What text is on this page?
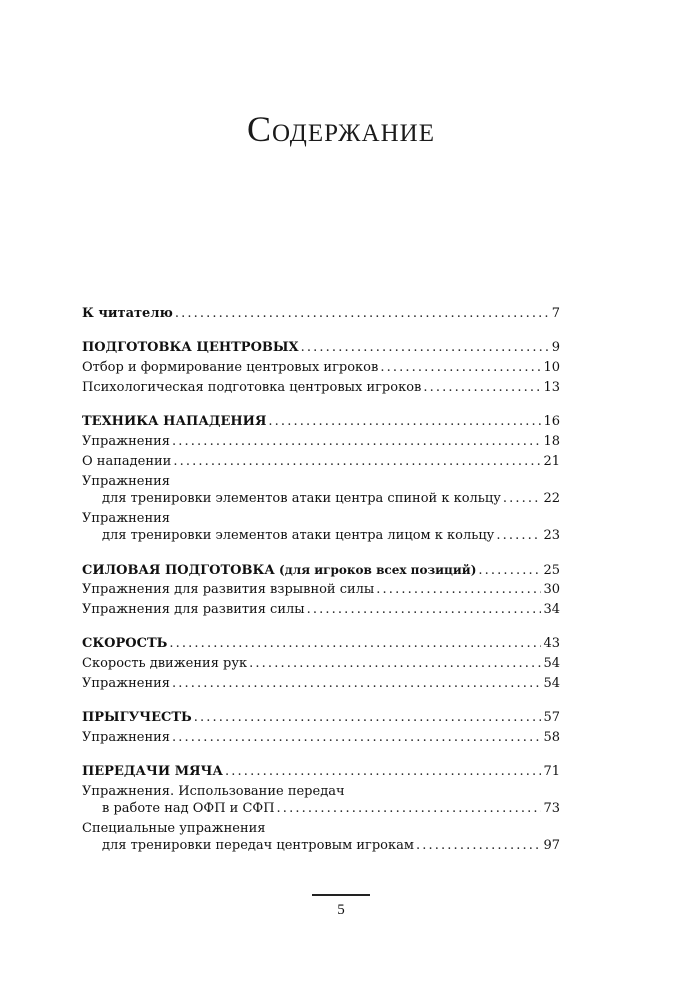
Содержание
К читателю . . .	7
ПОДГОТОВКА ЦЕНТРОВЫХ . . .	9
Отбор и формирование центровых игроков . . .	10
Психологическая подготовка центровых игроков . . .	13
ТЕХНИКА НАПАДЕНИЯ . . .	16
Упражнения . . .	18
О нападении . . .	21
Упражнения
для тренировки элементов атаки центра спиной к кольцу . . .	22
Упражнения
для тренировки элементов атаки центра лицом к кольцу . . .	23
СИЛОВАЯ ПОДГОТОВКА (для игроков всех позиций) . . .	25
Упражнения для развития взрывной силы . . .	30
Упражнения для развития силы . . .	34
СКОРОСТЬ . . .	43
Скорость движения рук . . .	54
Упражнения . . .	54
ПРЫГУЧЕСТЬ . . .	57
Упражнения . . .	58
ПЕРЕДАЧИ МЯЧА . . .	71
Упражнения. Использование передач
в работе над ОФП и СФП . . .	73
Специальные упражнения
для тренировки передач центровым игрокам . . .	97
5
